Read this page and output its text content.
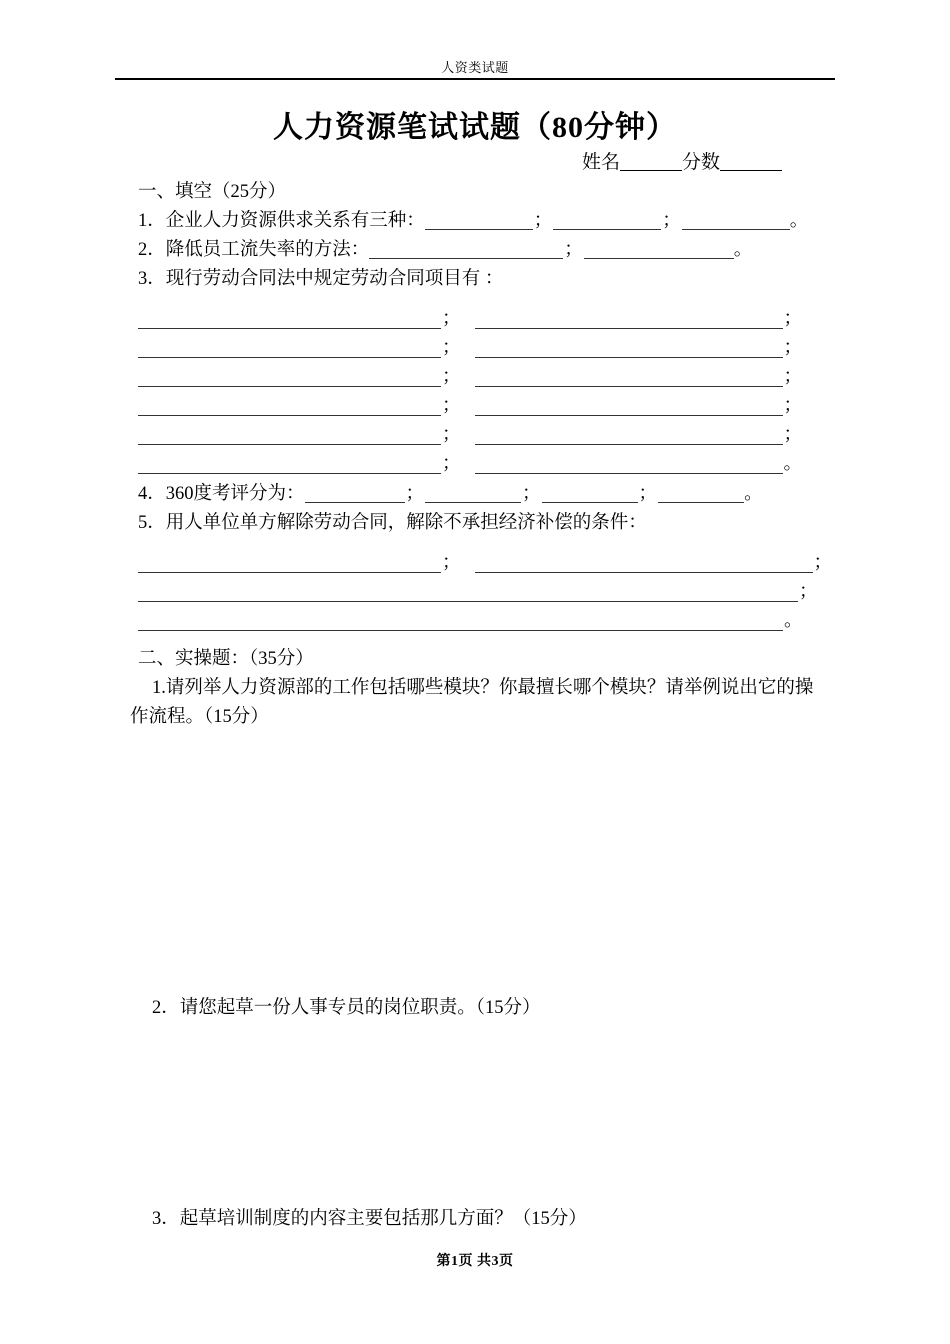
人资类试题
人力资源笔试试题（80分钟）
姓名	分数
一、填空（25分）
1．企业人力资源供求关系有三种：	；	；	。
2．降低员工流失率的方法：	；	。
3．现行劳动合同法中规定劳动合同项目有 ：
；	；
；	；
；	；
；	；
；	；
；	。
4．360度考评分为：	；	；	；	。
5．用人单位单方解除劳动合同，解除不承担经济补偿的条件：
；	；
；
。
二、实操题：（35分）
1.请列举人力资源部的工作包括哪些模块？你最擅长哪个模块？请举例说出它的操
作流程。（15分）
2．请您起草一份人事专员的岗位职责。（15分）
3．起草培训制度的内容主要包括那几方面？（15分）
第1页 共3页
